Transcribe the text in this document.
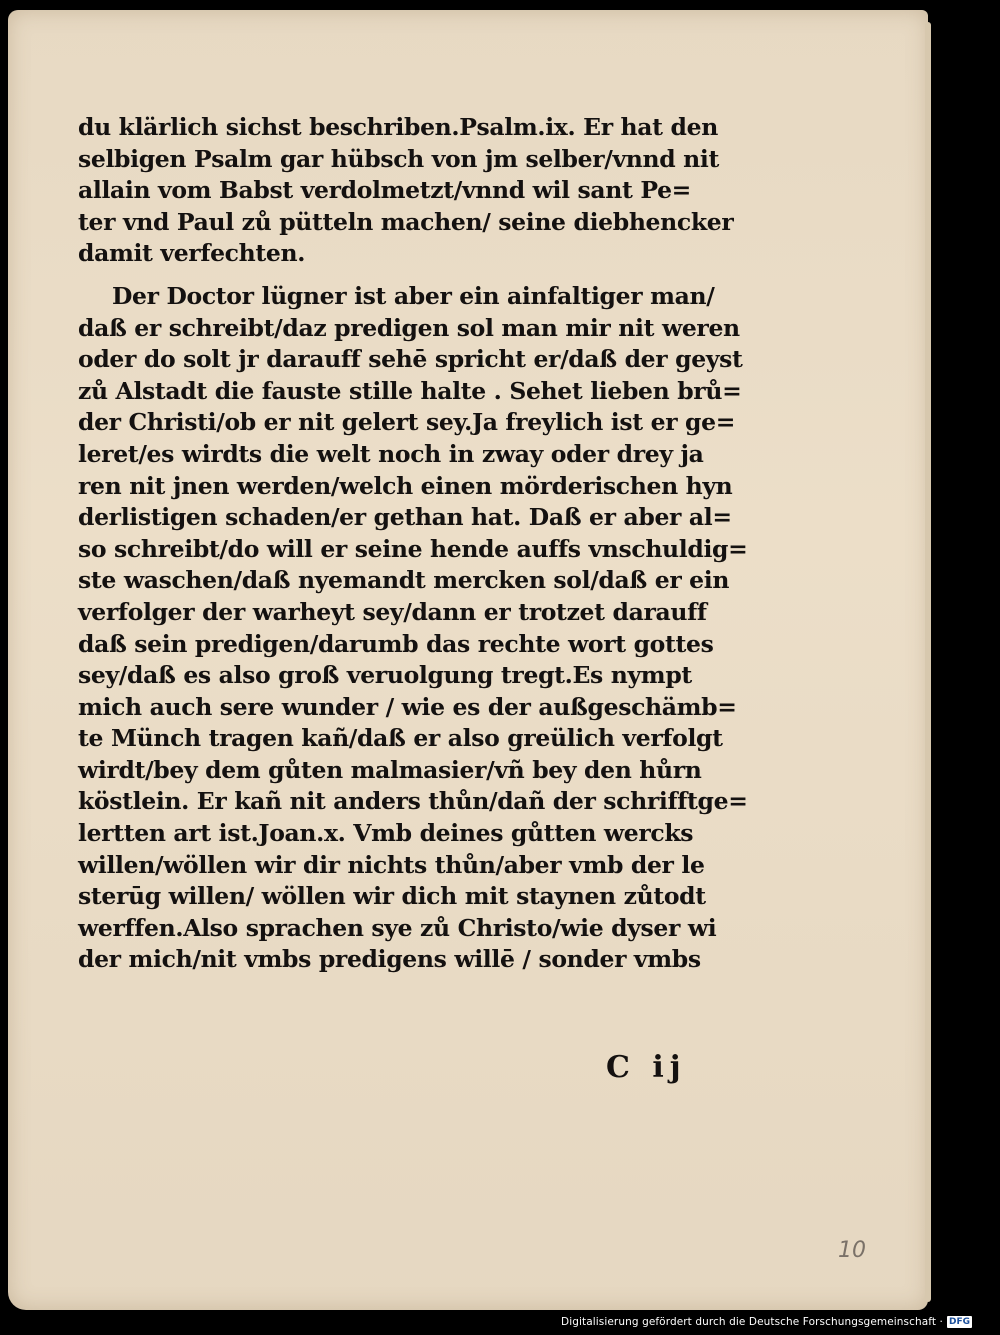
du klärlich sichst beschriben.Psalm.ix. Er hat den
selbigen Psalm gar hübsch von jm selber/vnnd nit
allain vom Babst verdolmetzt/vnnd wil sant Pe=
ter vnd Paul zů pütteln machen/ seine diebhencker
damit verfechten.
Der Doctor lügner ist aber ein ainfaltiger man/
daß er schreibt/daz predigen sol man mir nit weren
oder do solt jr darauff sehē spricht er/daß der geyst
zů Alstadt die fauste stille halte . Sehet lieben brů=
der Christi/ob er nit gelert sey.Ja freylich ist er ge=
leret/es wirdts die welt noch in zway oder drey ja
ren nit jnen werden/welch einen mörderischen hyn
derlistigen schaden/er gethan hat. Daß er aber al=
so schreibt/do will er seine hende auffs vnschuldig=
ste waschen/daß nyemandt mercken sol/daß er ein
verfolger der warheyt sey/dann er trotzet darauff
daß sein predigen/darumb das rechte wort gottes
sey/daß es also groß veruolgung tregt.Es nympt
mich auch sere wunder / wie es der außgeschämb=
te Münch tragen kañ/daß er also greülich verfolgt
wirdt/bey dem gůten malmasier/vñ bey den hůrn
köstlein. Er kañ nit anders thůn/dañ der schrifftge=
lertten art ist.Joan.x. Vmb deines gůtten wercks
willen/wöllen wir dir nichts thůn/aber vmb der le
sterūg willen/ wöllen wir dich mit staynen zůtodt
werffen.Also sprachen sye zů Christo/wie dyser wi
der mich/nit vmbs predigens willē / sonder vmbs
C ij
10
Digitalisierung gefördert durch die Deutsche Forschungsgemeinschaft · DFG
